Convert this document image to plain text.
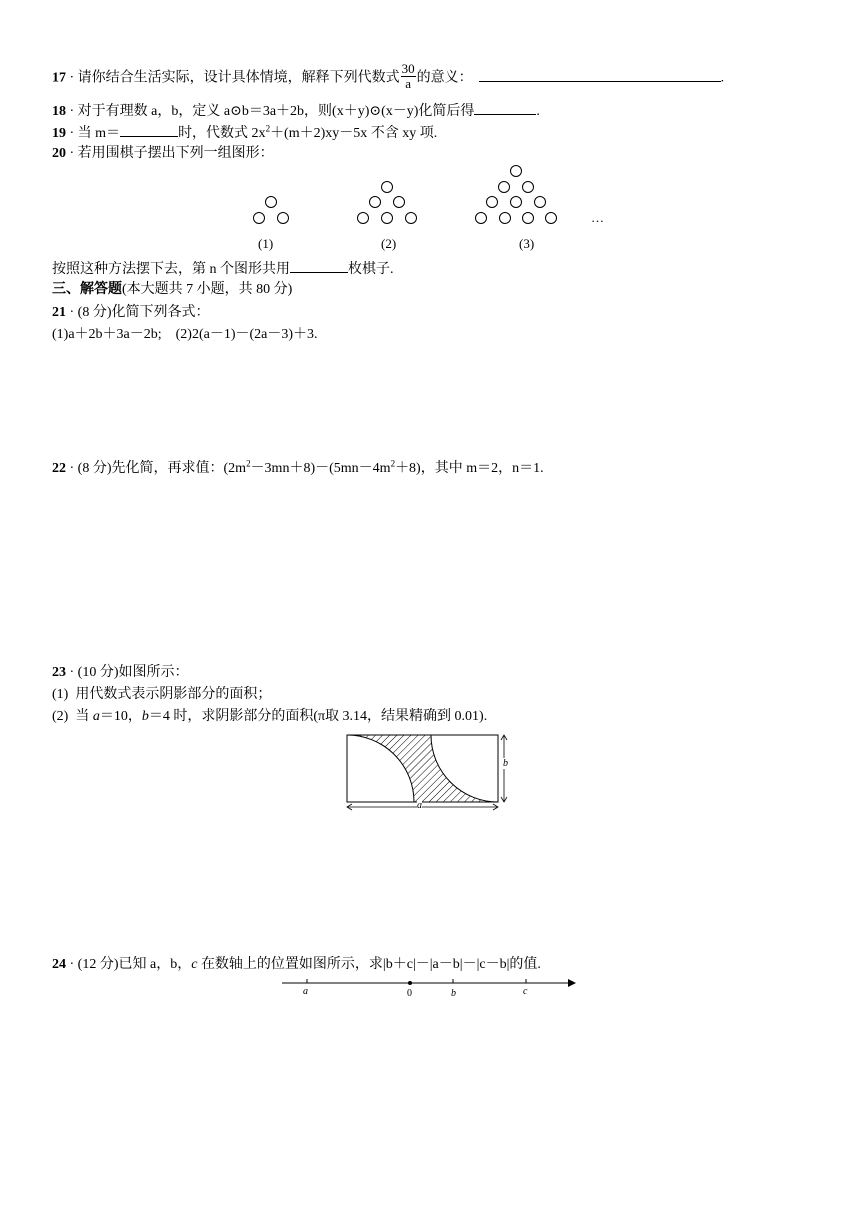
17 · 请你结合生活实际，设计具体情境，解释下列代数式 $\frac{30}{a}$ 的意义：	.
18 · 对于有理数 a，b，定义 a⊙b＝3a＋2b，则(x＋y)⊙(x－y)化简后得	.
19 · 当 m＝	时，代数式 $2x^2+(m+2)xy-5x$ 不含 xy 项.
20 · 若用围棋子摆出下列一组图形：
(1)	(2)	(3)
…
按照这种方法摆下去，第 n 个图形共用	枚棋子.
三、解答题(本大题共 7 小题，共 80 分)
21 · (8 分)化简下列各式：
(1)a＋2b＋3a－2b;    (2)2(a－1)－(2a－3)＋3.
22 · (8 分)先化简，再求值：$(2m^2-3mn+8)-(5mn-4m^2+8)$，其中 m＝2，n＝1.
23 · (10 分)如图所示：
(1)  用代数式表示阴影部分的面积；
(2)  当 a＝10，b＝4 时，求阴影部分的面积(π取 3.14，结果精确到 0.01).
b
a
24 · (12 分)已知 a，b，c 在数轴上的位置如图所示，求|b＋c|－|a－b|－|c－b|的值.
a	0	b	c
